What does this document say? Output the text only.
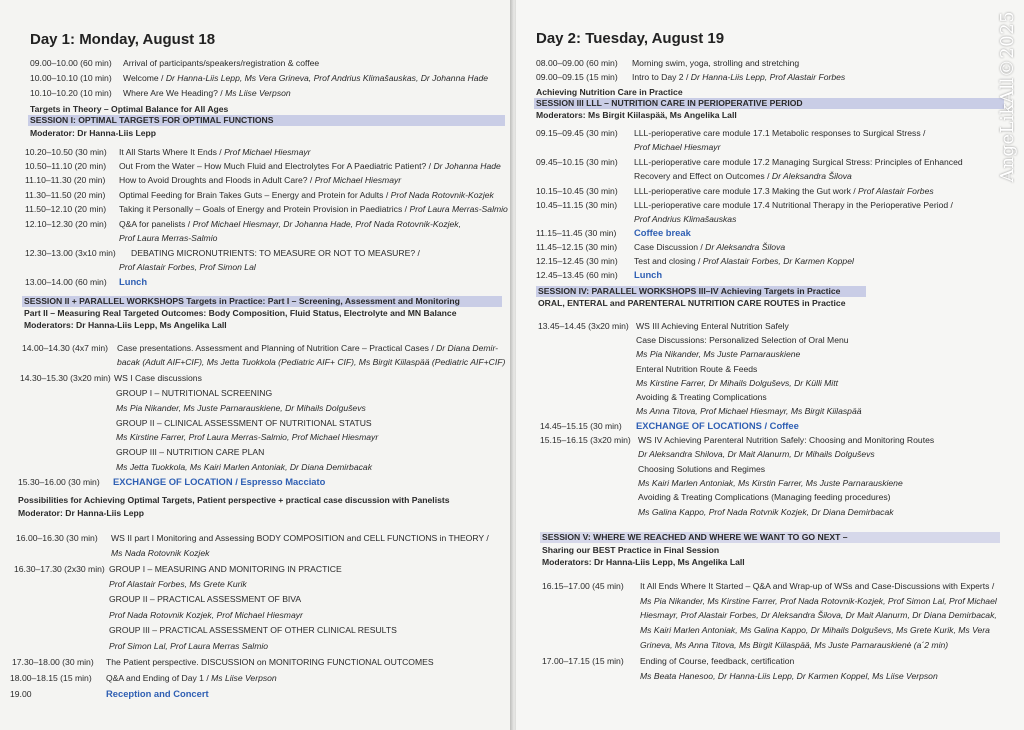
Day 1: Monday, August 18
09.00–10.00 (60 min) Arrival of participants/speakers/registration & coffee
10.00–10.10 (10 min) Welcome / Dr Hanna-Liis Lepp, Ms Vera Grineva, Prof Andrius Klimašauskas, Dr Johanna Hade
10.10–10.20 (10 min) Where Are We Heading? / Ms Liise Verpson
Targets in Theory – Optimal Balance for All Ages
SESSION I: OPTIMAL TARGETS FOR OPTIMAL FUNCTIONS
Moderator: Dr Hanna-Liis Lepp
10.20–10.50 (30 min) It All Starts Where It Ends / Prof Michael Hiesmayr
10.50–11.10 (20 min) Out From the Water – How Much Fluid and Electrolytes For A Paediatric Patient? / Dr Johanna Hade
11.10–11.30 (20 min) How to Avoid Droughts and Floods in Adult Care? / Prof Michael Hiesmayr
11.30–11.50 (20 min) Optimal Feeding for Brain Takes Guts – Energy and Protein for Adults / Prof Nada Rotovnik-Kozjek
11.50–12.10 (20 min) Taking it Personally – Goals of Energy and Protein Provision in Paediatrics / Prof Laura Merras-Salmio
12.10–12.30 (20 min) Q&A for panelists / Prof Michael Hiesmayr, Dr Johanna Hade, Prof Nada Rotovnik-Kozjek,
Prof Laura Merras-Salmio
12.30–13.00 (3x10 min) DEBATING MICRONUTRIENTS: TO MEASURE OR NOT TO MEASURE? /
Prof Alastair Forbes, Prof Simon Lal
13.00–14.00 (60 min) Lunch
SESSION II + PARALLEL WORKSHOPS Targets in Practice: Part I – Screening, Assessment and Monitoring
Part II – Measuring Real Targeted Outcomes: Body Composition, Fluid Status, Electrolyte and MN Balance
Moderators: Dr Hanna-Liis Lepp, Ms Angelika Lall
14.00–14.30 (4x7 min) Case presentations. Assessment and Planning of Nutrition Care – Practical Cases / Dr Diana Demir-
bacak (Adult AIF+CIF), Ms Jetta Tuokkola (Pediatric AIF+ CIF), Ms Birgit Kiilaspää (Pediatric AIF+CIF)
14.30–15.30 (3x20 min) WS I Case discussions
GROUP I – NUTRITIONAL SCREENING
Ms Pia Nikander, Ms Juste Parnarauskiene, Dr Mihails Dolguševs
GROUP II – CLINICAL ASSESSMENT OF NUTRITIONAL STATUS
Ms Kirstine Farrer, Prof Laura Merras-Salmio, Prof Michael Hiesmayr
GROUP III – NUTRITION CARE PLAN
Ms Jetta Tuokkola, Ms Kairi Marlen Antoniak, Dr Diana Demirbacak
15.30–16.00 (30 min) EXCHANGE OF LOCATION / Espresso Macciato
Possibilities for Achieving Optimal Targets, Patient perspective + practical case discussion with Panelists
Moderator: Dr Hanna-Liis Lepp
16.00–16.30 (30 min) WS II part I Monitoring and Assessing BODY COMPOSITION and CELL FUNCTIONS in THEORY /
Ms Nada Rotovnik Kozjek
16.30–17.30 (2x30 min) GROUP I – MEASURING AND MONITORING IN PRACTICE
Prof Alastair Forbes, Ms Grete Kurik
GROUP II – PRACTICAL ASSESSMENT OF BIVA
Prof Nada Rotovnik Kozjek, Prof Michael Hiesmayr
GROUP III – PRACTICAL ASSESSMENT OF OTHER CLINICAL RESULTS
Prof Simon Lal, Prof Laura Merras Salmio
17.30–18.00 (30 min) The Patient perspective. DISCUSSION on MONITORING FUNCTIONAL OUTCOMES
18.00–18.15 (15 min) Q&A and Ending of Day 1 / Ms Liise Verpson
19.00	Reception and Concert
Day 2: Tuesday, August 19
08.00–09.00 (60 min) Morning swim, yoga, strolling and stretching
09.00–09.15 (15 min) Intro to Day 2 / Dr Hanna-Liis Lepp, Prof Alastair Forbes
Achieving Nutrition Care in Practice
SESSION III LLL – NUTRITION CARE IN PERIOPERATIVE PERIOD
Moderators: Ms Birgit Kiilaspää, Ms Angelika Lall
09.15–09.45 (30 min) LLL-perioperative care module 17.1 Metabolic responses to Surgical Stress /
Prof Michael Hiesmayr
09.45–10.15 (30 min) LLL-perioperative care module 17.2 Managing Surgical Stress: Principles of Enhanced
Recovery and Effect on Outcomes / Dr Aleksandra Šilova
10.15–10.45 (30 min) LLL-perioperative care module 17.3 Making the Gut work / Prof Alastair Forbes
10.45–11.15 (30 min) LLL-perioperative care module 17.4 Nutritional Therapy in the Perioperative Period /
Prof Andrius Klimašauskas
11.15–11.45 (30 min) Coffee break
11.45–12.15 (30 min) Case Discussion / Dr Aleksandra Šilova
12.15–12.45 (30 min) Test and closing / Prof Alastair Forbes, Dr Karmen Koppel
12.45–13.45 (60 min) Lunch
SESSION IV: PARALLEL WORKSHOPS III–IV Achieving Targets in Practice
ORAL, ENTERAL and PARENTERAL NUTRITION CARE ROUTES in Practice
13.45–14.45 (3x20 min) WS III Achieving Enteral Nutrition Safely
Case Discussions: Personalized Selection of Oral Menu
Ms Pia Nikander, Ms Juste Parnarauskiene
Enteral Nutrition Route & Feeds
Ms Kirstine Farrer, Dr Mihails Dolguševs, Dr Külli Mitt
Avoiding & Treating Complications
Ms Anna Titova, Prof Michael Hiesmayr, Ms Birgit Kiilaspää
14.45–15.15 (30 min) EXCHANGE OF LOCATIONS / Coffee
15.15–16.15 (3x20 min) WS IV Achieving Parenteral Nutrition Safely: Choosing and Monitoring Routes
Dr Aleksandra Shilova, Dr Mait Alanurm, Dr Mihails Dolguševs
Choosing Solutions and Regimes
Ms Kairi Marlen Antoniak, Ms Kirstin Farrer, Ms Juste Parnarauskiene
Avoiding & Treating Complications (Managing feeding procedures)
Ms Galina Kappo, Prof Nada Rotvnik Kozjek, Dr Diana Demirbacak
SESSION V: WHERE WE REACHED AND WHERE WE WANT TO GO NEXT –
Sharing our BEST Practice in Final Session
Moderators: Dr Hanna-Liis Lepp, Ms Angelika Lall
16.15–17.00 (45 min) It All Ends Where It Started – Q&A and Wrap-up of WSs and Case-Discussions with Experts /
Ms Pia Nikander, Ms Kirstine Farrer, Prof Nada Rotovnik-Kozjek, Prof Simon Lal, Prof Michael
Hiesmayr, Prof Alastair Forbes, Dr Aleksandra Šilova, Dr Mait Alanurm, Dr Diana Demirbacak,
Ms Kairi Marlen Antoniak, Ms Galina Kappo, Dr Mihails Dolguševs, Ms Grete Kurik, Ms Vera
Grineva, Ms Anna Titova, Ms Birgit Kiilaspää, Ms Juste Parnarauskienė (a´2 min)
17.00–17.15 (15 min) Ending of Course, feedback, certification
Ms Beata Hanesoo, Dr Hanna-Liis Lepp, Dr Karmen Koppel, Ms Liise Verpson
AngeLikAll©2025
